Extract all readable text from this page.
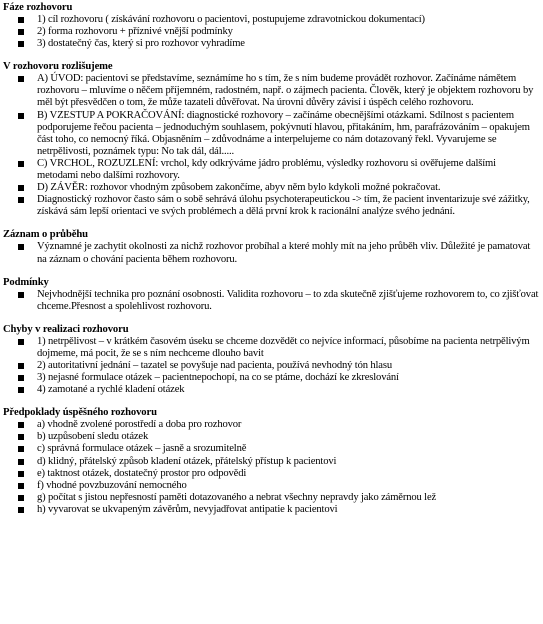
Fáze rozhovoru
1) cíl rozhovoru ( získávání rozhovoru o pacientovi, postupujeme zdravotnickou dokumentací)
2) forma rozhovoru + příznivé vnější podmínky
3) dostatečný čas, který si pro rozhovor vyhradíme
V rozhovoru rozlišujeme
A) ÚVOD: pacientovi se představíme, seznámíme ho s tím, že s ním budeme provádět rozhovor. Začínáme námětem rozhovoru – mluvíme o něčem příjemném, radostném, např. o zájmech pacienta. Člověk, který je objektem rozhovoru by měl být přesvědčen o tom, že může tazateli důvěřovat. Na úrovni důvěry závisí i úspěch celého rozhovoru.
B) VZESTUP A POKRAČOVÁNÍ: diagnostické rozhovory – začínáme obecnějšími otázkami. Sdílnost s pacientem podporujeme řečou pacienta – jednoduchým souhlasem, pokývnutí hlavou, přitakáním, hm, parafrázováním – opakujem část toho, co nemocný říká. Objasněním – zdůvodnáme a interpelujeme co nám dotazovaný řekl. Vyvarujeme se netrpělivosti, poznámek typu: No tak dál, dál.....
C) VRCHOL, ROZUZLENÍ: vrchol, kdy odkrýváme jádro problému, výsledky rozhovoru si ověřujeme dalšími metodami nebo dalšími rozhovory.
D) ZÁVĚR: rozhovor vhodným způsobem zakončíme, abyv něm bylo kdykoli možné pokračovat.
Diagnostický rozhovor často sám o sobě sehrává úlohu psychoterapeutickou -> tím, že pacient inventarizuje své zážitky, získává sám lepší orientaci ve svých problémech a dělá první krok k racionální analýze svého jednání.
Záznam o průběhu
Významné je zachytit okolnosti za nichž rozhovor probíhal a které mohly mít na jeho průběh vliv. Důležité je pamatovat na záznam o chování pacienta během rozhovoru.
Podmínky
Nejvhodnější technika pro poznání osobnosti. Validita rozhovoru – to zda skutečně zjišťujeme rozhovorem to, co zjišťovat chceme.Přesnost a spolehlivost rozhovoru.
Chyby v realizaci rozhovoru
1) netrpělivost – v krátkém časovém úseku se chceme dozvědět co nejvíce informací, působíme na pacienta netrpělivým dojmeme, má pocit, že se s ním nechceme dlouho bavit
2) autoritativní jednání – tazatel se povyšuje nad pacienta, používá nevhodný tón hlasu
3) nejasné formulace otázek – pacientnepochopí, na co se ptáme, dochází ke zkreslování
4) zamotané a rychlé kladení otázek
Předpoklady úspěšného rozhovoru
a) vhodně zvolené porostředí a doba pro rozhovor
b) uzpůsobení sledu otázek
c) správná formulace otázek – jasně a srozumitelně
d) klidný, přátelský způsob kladení otázek, přátelský přístup k pacientovi
e) taktnost otázek, dostatečný prostor pro odpovědi
f) vhodné povzbuzování nemocného
g) počítat s jistou nepřesností paměti dotazovaného a nebrat všechny nepravdy jako záměrnou lež
h) vyvarovat se ukvapeným závěrům, nevyjadřovat antipatie k pacientovi
